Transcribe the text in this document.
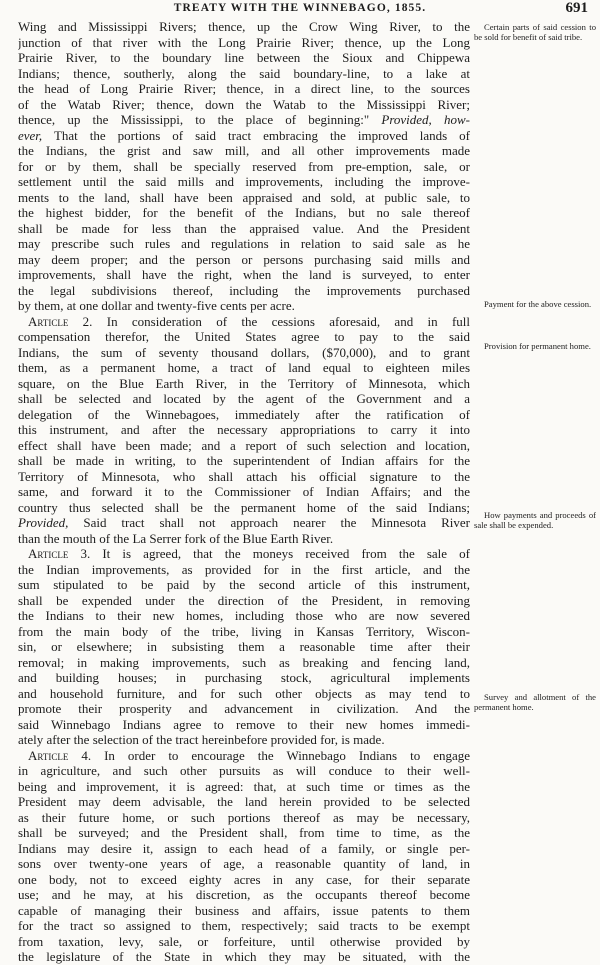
TREATY WITH THE WINNEBAGO, 1855.	691
Wing and Mississippi Rivers; thence, up the Crow Wing River, to the
junction of that river with the Long Prairie River; thence, up the Long
Prairie River, to the boundary line between the Sioux and Chippewa
Indians; thence, southerly, along the said boundary-line, to a lake at
the head of Long Prairie River; thence, in a direct line, to the sources
of the Watab River; thence, down the Watab to the Mississippi River;
thence, up the Mississippi, to the place of beginning:" Provided, how-
ever, That the portions of said tract embracing the improved lands of
the Indians, the grist and saw mill, and all other improvements made
for or by them, shall be specially reserved from pre-emption, sale, or
settlement until the said mills and improvements, including the improve-
ments to the land, shall have been appraised and sold, at public sale, to
the highest bidder, for the benefit of the Indians, but no sale thereof
shall be made for less than the appraised value. And the President
may prescribe such rules and regulations in relation to said sale as he
may deem proper; and the person or persons purchasing said mills and
improvements, shall have the right, when the land is surveyed, to enter
the legal subdivisions thereof, including the improvements purchased
by them, at one dollar and twenty-five cents per acre.
Article 2. In consideration of the cessions aforesaid, and in full
compensation therefor, the United States agree to pay to the said
Indians, the sum of seventy thousand dollars, ($70,000), and to grant
them, as a permanent home, a tract of land equal to eighteen miles
square, on the Blue Earth River, in the Territory of Minnesota, which
shall be selected and located by the agent of the Government and a
delegation of the Winnebagoes, immediately after the ratification of
this instrument, and after the necessary appropriations to carry it into
effect shall have been made; and a report of such selection and location,
shall be made in writing, to the superintendent of Indian affairs for the
Territory of Minnesota, who shall attach his official signature to the
same, and forward it to the Commissioner of Indian Affairs; and the
country thus selected shall be the permanent home of the said Indians;
Provided, Said tract shall not approach nearer the Minnesota River
than the mouth of the La Serrer fork of the Blue Earth River.
Article 3. It is agreed, that the moneys received from the sale of
the Indian improvements, as provided for in the first article, and the
sum stipulated to be paid by the second article of this instrument,
shall be expended under the direction of the President, in removing
the Indians to their new homes, including those who are now severed
from the main body of the tribe, living in Kansas Territory, Wiscon-
sin, or elsewhere; in subsisting them a reasonable time after their
removal; in making improvements, such as breaking and fencing land,
and building houses; in purchasing stock, agricultural implements
and household furniture, and for such other objects as may tend to
promote their prosperity and advancement in civilization. And the
said Winnebago Indians agree to remove to their new homes immedi-
ately after the selection of the tract hereinbefore provided for, is made.
Article 4. In order to encourage the Winnebago Indians to engage
in agriculture, and such other pursuits as will conduce to their well-
being and improvement, it is agreed: that, at such time or times as the
President may deem advisable, the land herein provided to be selected
as their future home, or such portions thereof as may be necessary,
shall be surveyed; and the President shall, from time to time, as the
Indians may desire it, assign to each head of a family, or single per-
sons over twenty-one years of age, a reasonable quantity of land, in
one body, not to exceed eighty acres in any case, for their separate
use; and he may, at his discretion, as the occupants thereof become
capable of managing their business and affairs, issue patents to them
for the tract so assigned to them, respectively; said tracts to be exempt
from taxation, levy, sale, or forfeiture, until otherwise provided by
the legislature of the State in which they may be situated, with the
Certain parts of said cession to be sold for benefit of said tribe.
Payment for the above cession.
Provision for permanent home.
How payments and proceeds of sale shall be expended.
Survey and allotment of the permanent home.
